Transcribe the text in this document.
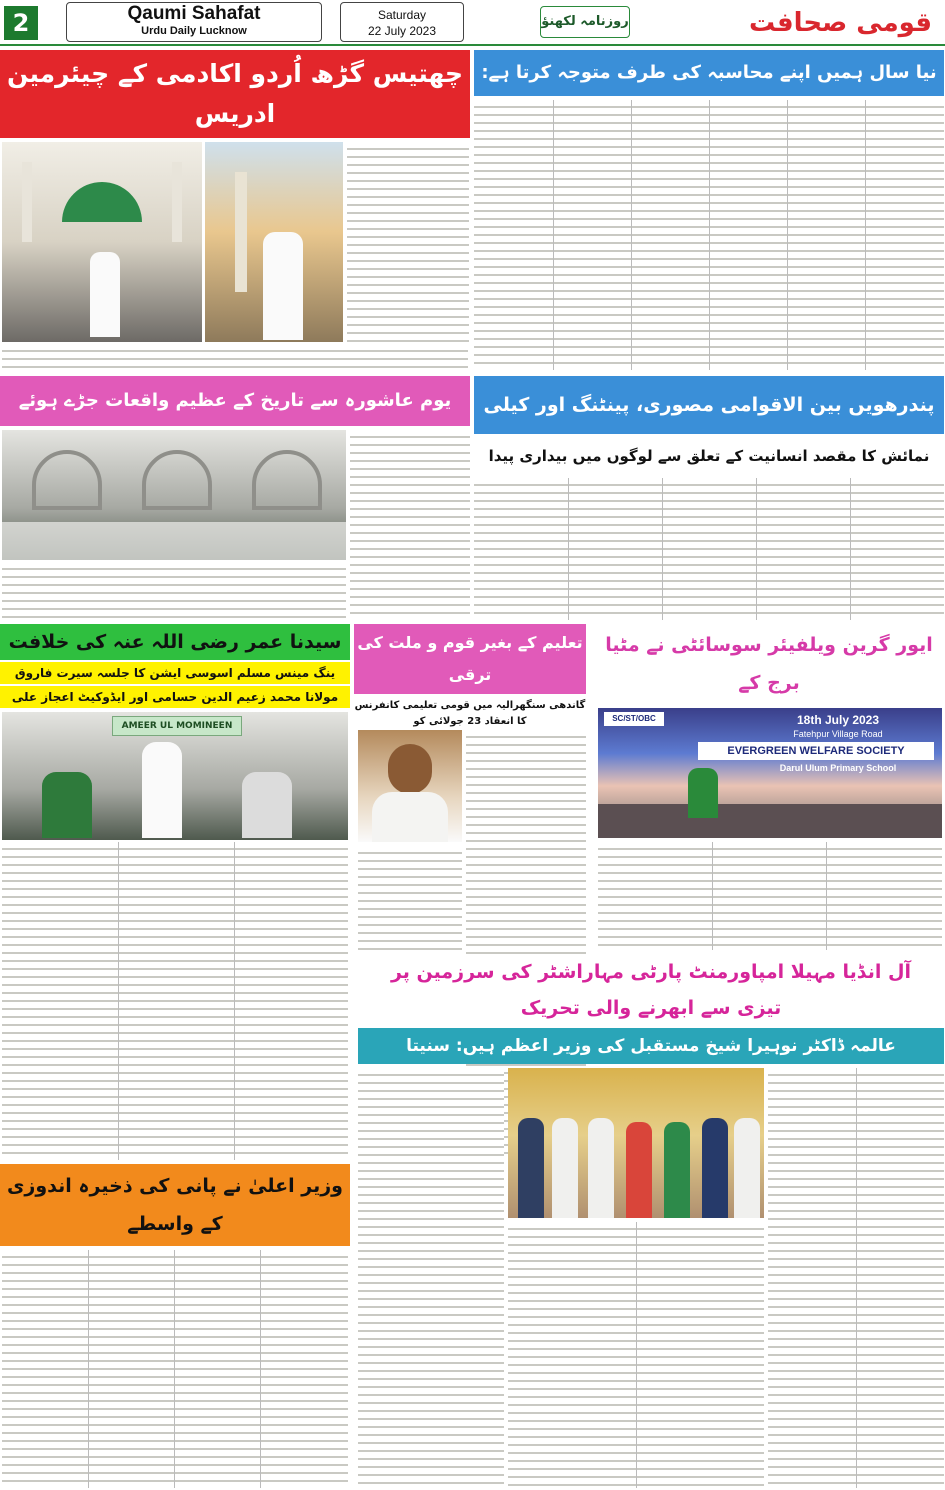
2	Qaumi Sahafat
Urdu Daily Lucknow
Saturday
22 July 2023
روزنامہ لکھنؤ	قومی صحافت
چھتیس گڑھ اُردو اکادمی کے چیئرمین ادریس
نیا سال ہمیں اپنے محاسبہ کی طرف متوجہ کرتا ہے:
یوم عاشورہ سے تاریخ کے عظیم واقعات جڑے ہوئے	پندرھویں بین الاقوامی مصوری، پینٹنگ اور کیلی
نمائش کا مقصد انسانیت کے تعلق سے لوگوں میں بیداری پیدا
سیدنا عمر رضی اللہ عنہ کی خلافت
ینگ مینس مسلم اسوسی ایشن کا جلسہ سیرت فاروق
مولانا محمد زعیم الدین حسامی اور ایڈوکیٹ اعجاز علی
AMEER UL MOMINEEN
تعلیم کے بغیر قوم و ملت کی ترقی
گاندھی سنگھرالیہ میں قومی تعلیمی کانفرنس کا انعقاد 23 جولائی کو
ایور گرین ویلفیئر سوسائٹی نے مٹیا برج کے
SC/ST/OBC	18th July 2023
Fatehpur Village Road
EVERGREEN WELFARE SOCIETY
Darul Ulum Primary School
آل انڈیا مہیلا امپاورمنٹ پارٹی مہاراشٹر کی سرزمین پر تیزی سے ابھرنے والی تحریک
عالمہ ڈاکٹر نوہیرا شیخ مستقبل کی وزیر اعظم ہیں: سنیتا
وزیر اعلیٰ نے پانی کی ذخیرہ اندوزی کے واسطے
